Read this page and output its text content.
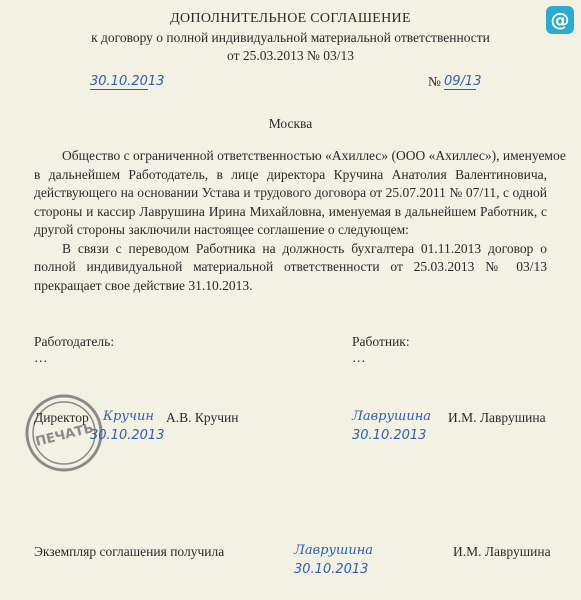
@
ДОПОЛНИТЕЛЬНОЕ СОГЛАШЕНИЕ
к договору о полной индивидуальной материальной ответственности
от 25.03.2013 № 03/13
30.10.2013	№ 09/13
Москва

Общество с ограниченной ответственностью «Ахиллес» (ООО «Ахиллес»), именуемое

в дальнейшем Работодатель, в лице директора Кручина Анатолия Валентиновича, действующего на основании Устава и трудового договора от 25.07.2011 № 07/11, с одной стороны и кассир Лаврушина Ирина Михайловна, именуемая в дальнейшем Работник, с другой стороны заключили настоящее соглашение о следующем:

В связи с переводом Работника на должность бухгалтера 01.11.2013 договор о полной индивидуальной материальной ответственности от 25.03.2013 № 03/13 прекращает свое действие 31.10.2013.

Работодатель:
…
Работник:
…
ПЕЧАТЬ
Директор Кручин А.В. Кручин
30.10.2013
Лаврушина И.М. Лаврушина
30.10.2013
Экземпляр соглашения получила	Лаврушина	И.М. Лаврушина
30.10.2013
